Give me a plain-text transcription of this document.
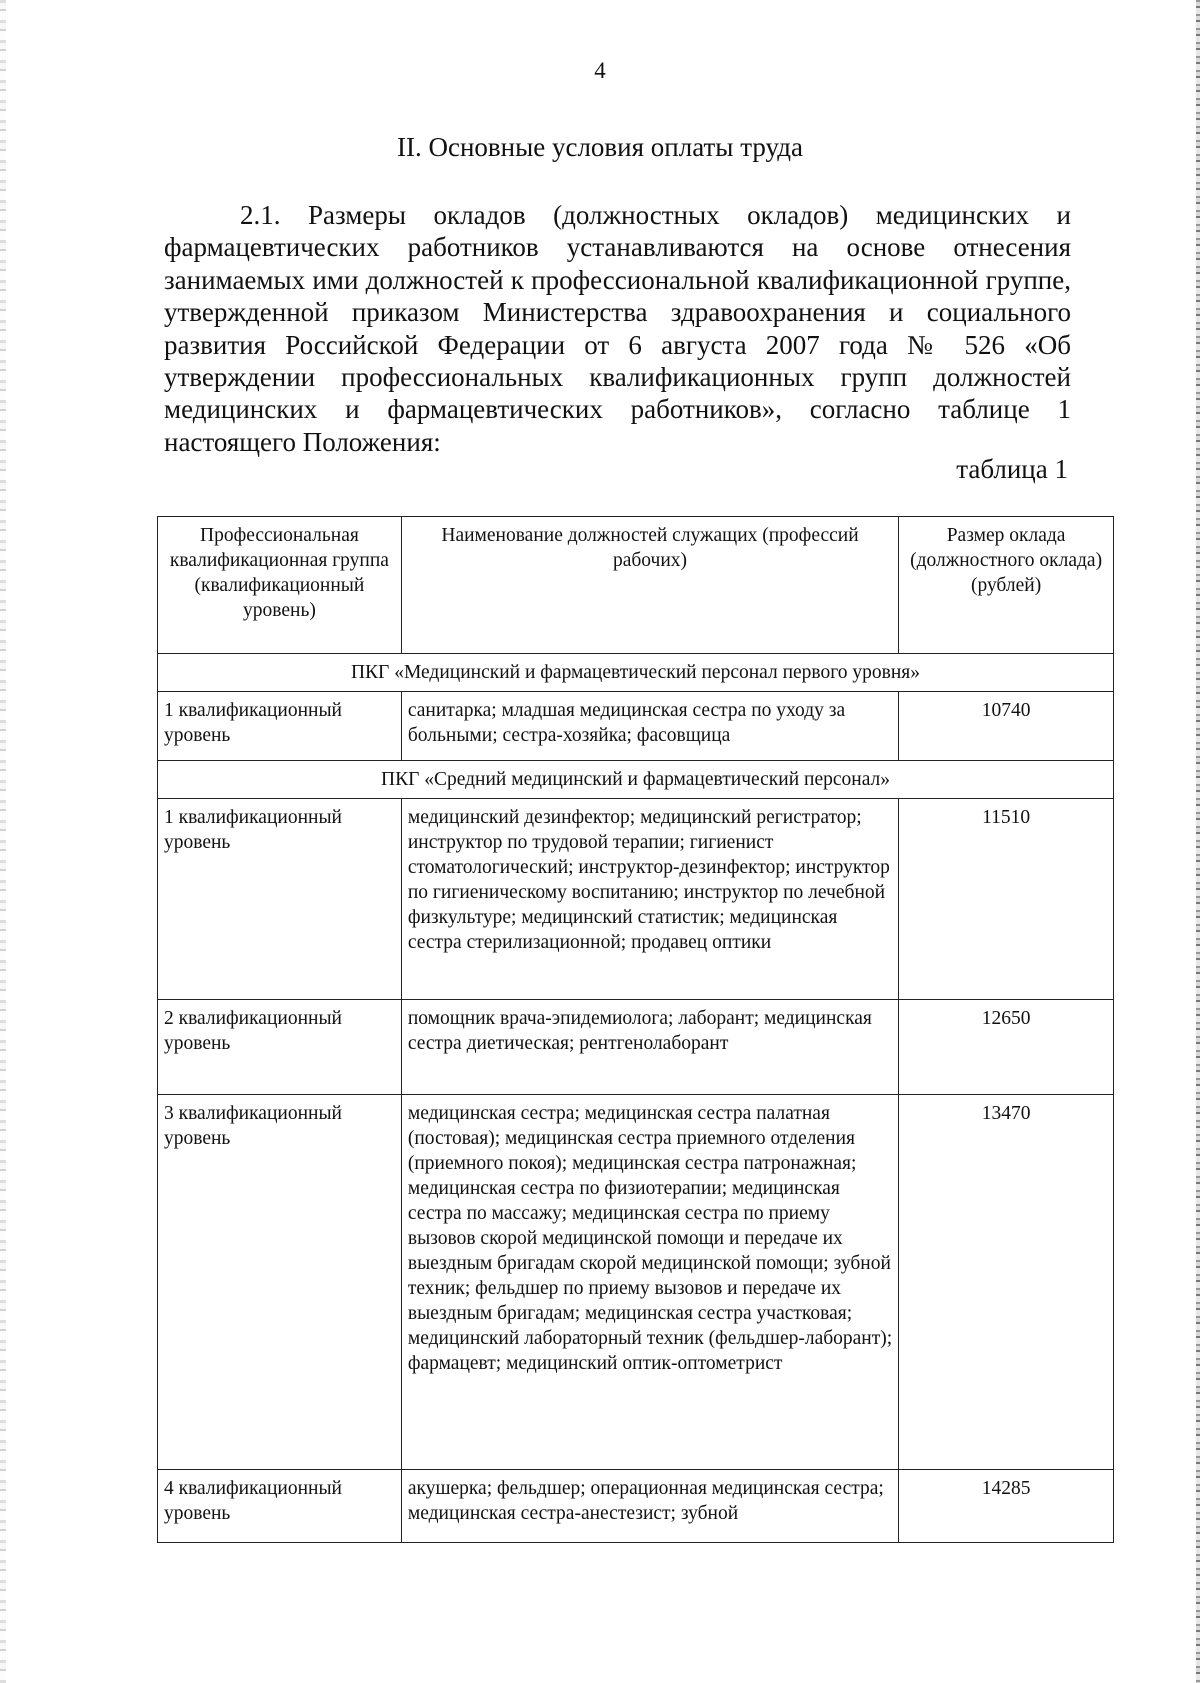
4
II. Основные условия оплаты труда
2.1. Размеры окладов (должностных окладов) медицинских и фармацевтических работников устанавливаются на основе отнесения занимаемых ими должностей к профессиональной квалификационной группе, утвержденной приказом Министерства здравоохранения и социального развития Российской Федерации от 6 августа 2007 года № 526 «Об утверждении профессиональных квалификационных групп должностей медицинских и фармацевтических работников», согласно таблице 1 настоящего Положения:
таблица 1
Профессиональная квалификационная группа (квалификационный уровень)	Наименование должностей служащих (профессий рабочих)	Размер оклада (должностного оклада) (рублей)
ПКГ «Медицинский и фармацевтический персонал первого уровня»		
1 квалификационный уровень	санитарка; младшая медицинская сестра по уходу за больными; сестра-хозяйка; фасовщица	10740
ПКГ «Средний медицинский и фармацевтический персонал»		
1 квалификационный уровень	медицинский дезинфектор; медицинский регистратор; инструктор по трудовой терапии; гигиенист стоматологический; инструктор-дезинфектор; инструктор по гигиеническому воспитанию; инструктор по лечебной физкультуре; медицинский статистик; медицинская сестра стерилизационной; продавец оптики	11510
2 квалификационный уровень	помощник врача-эпидемиолога; лаборант; медицинская сестра диетическая; рентгенолаборант	12650
3 квалификационный уровень	медицинская сестра; медицинская сестра палатная (постовая); медицинская сестра приемного отделения (приемного покоя); медицинская сестра патронажная; медицинская сестра по физиотерапии; медицинская сестра по массажу; медицинская сестра по приему вызовов скорой медицинской помощи и передаче их выездным бригадам скорой медицинской помощи; зубной техник; фельдшер по приему вызовов и передаче их выездным бригадам; медицинская сестра участковая; медицинский лабораторный техник (фельдшер-лаборант); фармацевт; медицинский оптик-оптометрист	13470
4 квалификационный уровень	акушерка; фельдшер; операционная медицинская сестра; медицинская сестра-анестезист; зубной	14285
